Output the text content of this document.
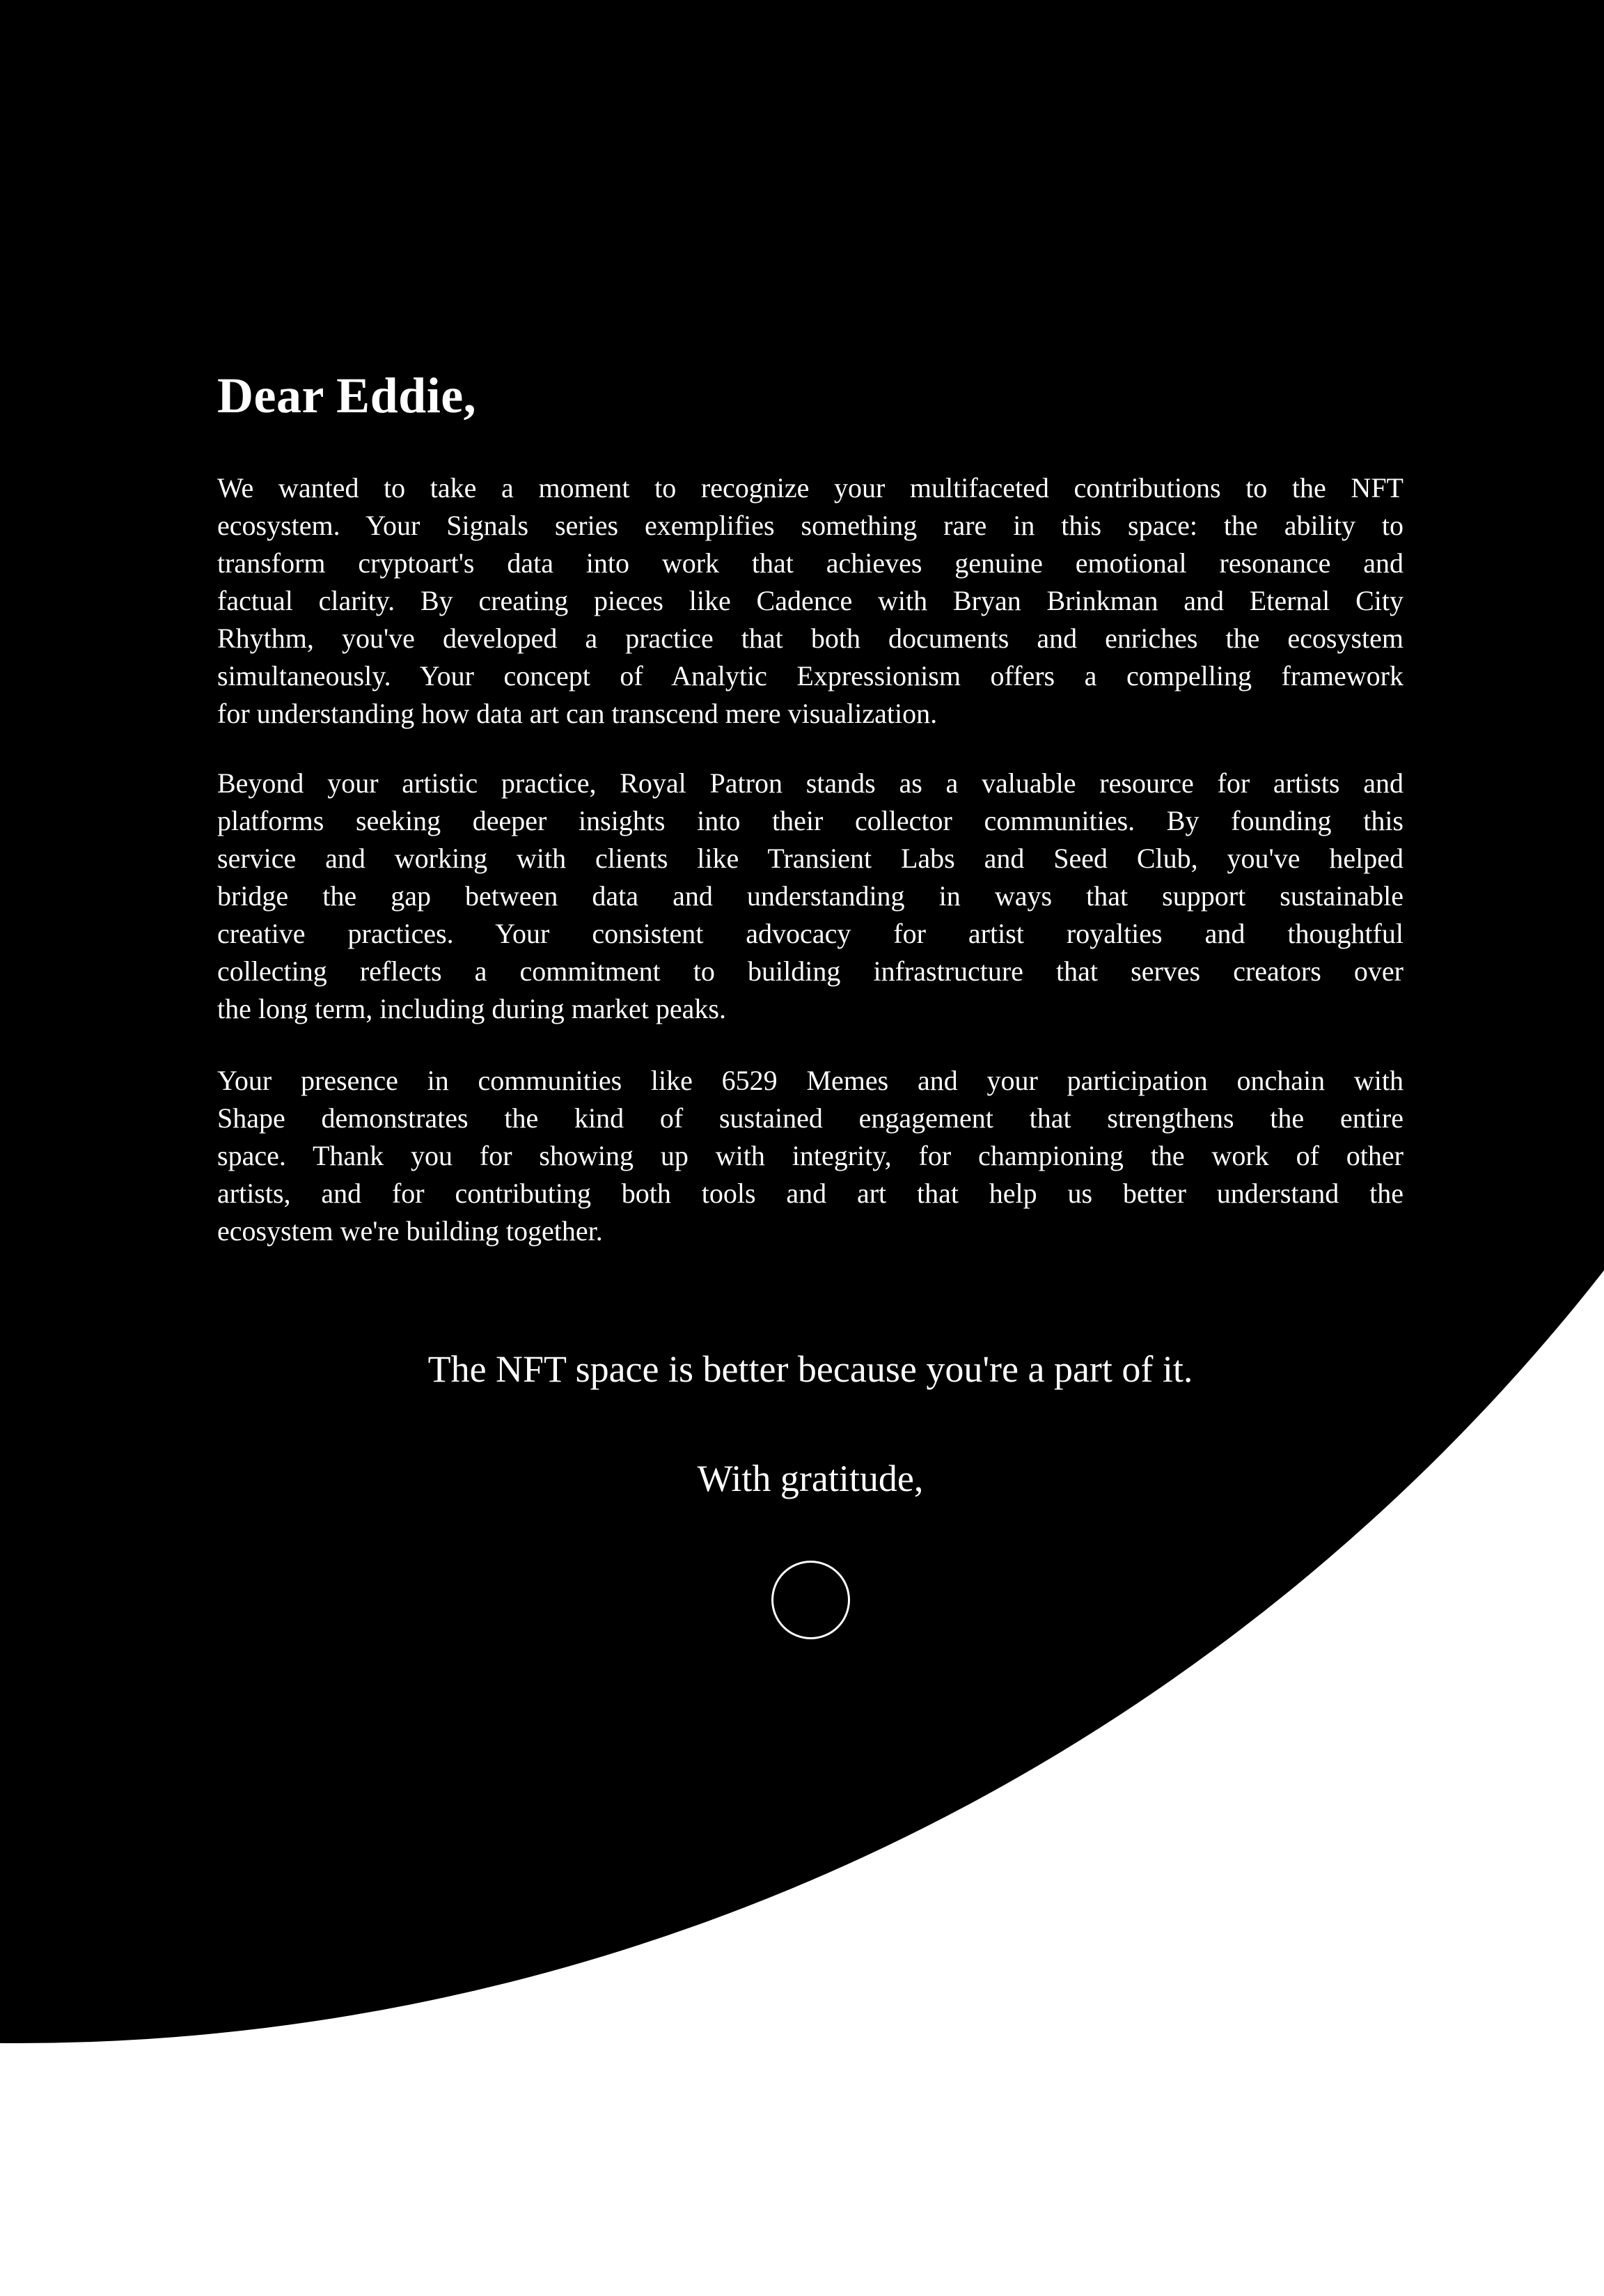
Dear Eddie,
We wanted to take a moment to recognize your multifaceted contributions to the NFT
ecosystem. Your Signals series exemplifies something rare in this space: the ability to
transform cryptoart's data into work that achieves genuine emotional resonance and
factual clarity. By creating pieces like Cadence with Bryan Brinkman and Eternal City
Rhythm, you've developed a practice that both documents and enriches the ecosystem
simultaneously. Your concept of Analytic Expressionism offers a compelling framework
for understanding how data art can transcend mere visualization.
Beyond your artistic practice, Royal Patron stands as a valuable resource for artists and
platforms seeking deeper insights into their collector communities. By founding this
service and working with clients like Transient Labs and Seed Club, you've helped
bridge the gap between data and understanding in ways that support sustainable
creative practices. Your consistent advocacy for artist royalties and thoughtful
collecting reflects a commitment to building infrastructure that serves creators over
the long term, including during market peaks.
Your presence in communities like 6529 Memes and your participation onchain with
Shape demonstrates the kind of sustained engagement that strengthens the entire
space. Thank you for showing up with integrity, for championing the work of other
artists, and for contributing both tools and art that help us better understand the
ecosystem we're building together.
The NFT space is better because you're a part of it.
With gratitude,
